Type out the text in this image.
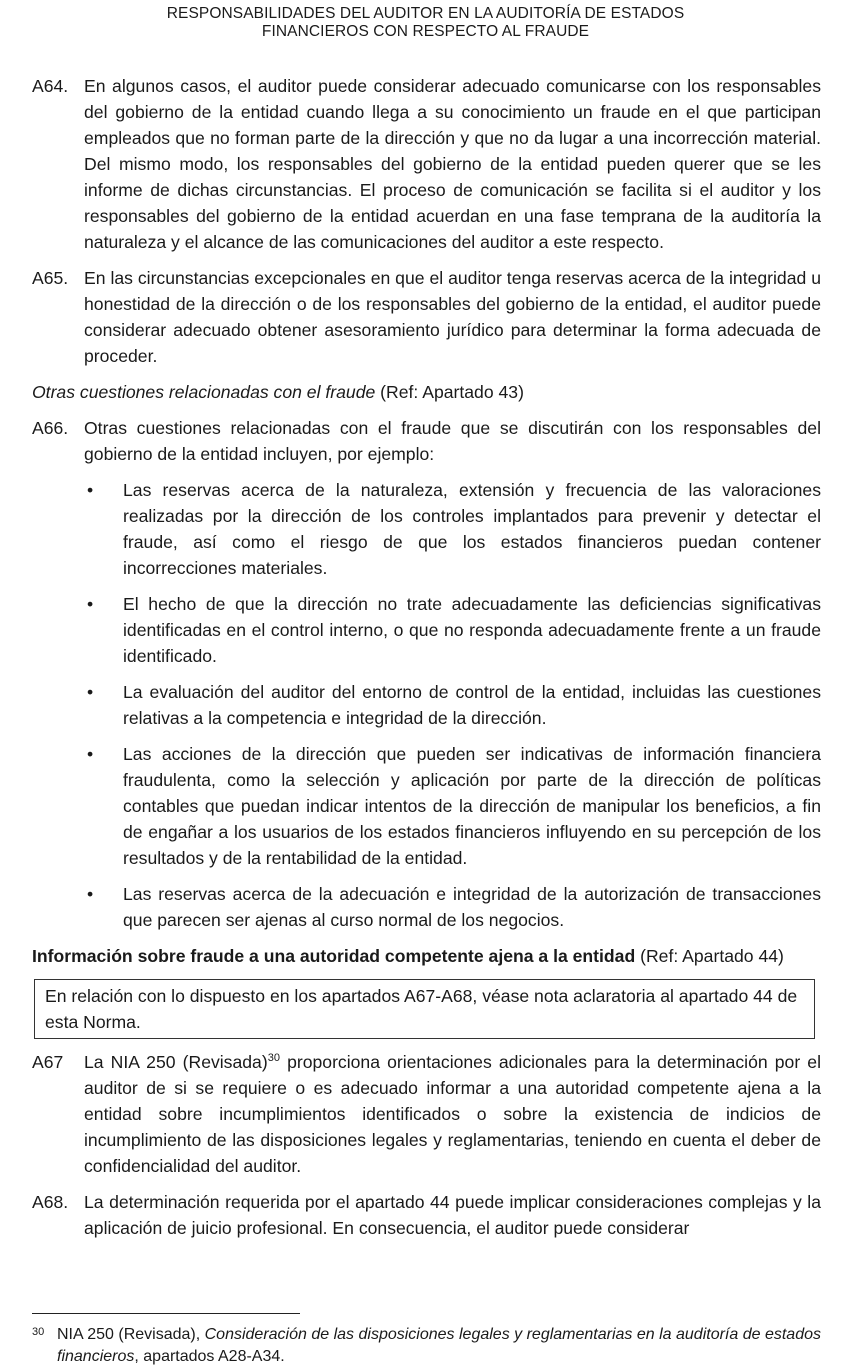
RESPONSABILIDADES DEL AUDITOR EN LA AUDITORÍA DE ESTADOS
FINANCIEROS CON RESPECTO AL FRAUDE
A64. En algunos casos, el auditor puede considerar adecuado comunicarse con los responsables del gobierno de la entidad cuando llega a su conocimiento un fraude en el que participan empleados que no forman parte de la dirección y que no da lugar a una incorrección material. Del mismo modo, los responsables del gobierno de la entidad pueden querer que se les informe de dichas circunstancias. El proceso de comunicación se facilita si el auditor y los responsables del gobierno de la entidad acuerdan en una fase temprana de la auditoría la naturaleza y el alcance de las comunicaciones del auditor a este respecto.
A65. En las circunstancias excepcionales en que el auditor tenga reservas acerca de la integridad u honestidad de la dirección o de los responsables del gobierno de la entidad, el auditor puede considerar adecuado obtener asesoramiento jurídico para determinar la forma adecuada de proceder.
Otras cuestiones relacionadas con el fraude (Ref: Apartado 43)
A66. Otras cuestiones relacionadas con el fraude que se discutirán con los responsables del gobierno de la entidad incluyen, por ejemplo:
•	Las reservas acerca de la naturaleza, extensión y frecuencia de las valoraciones realizadas por la dirección de los controles implantados para prevenir y detectar el fraude, así como el riesgo de que los estados financieros puedan contener incorrecciones materiales.
•	El hecho de que la dirección no trate adecuadamente las deficiencias significativas identificadas en el control interno, o que no responda adecuadamente frente a un fraude identificado.
•	La evaluación del auditor del entorno de control de la entidad, incluidas las cuestiones relativas a la competencia e integridad de la dirección.
•	Las acciones de la dirección que pueden ser indicativas de información financiera fraudulenta, como la selección y aplicación por parte de la dirección de políticas contables que puedan indicar intentos de la dirección de manipular los beneficios, a fin de engañar a los usuarios de los estados financieros influyendo en su percepción de los resultados y de la rentabilidad de la entidad.
•	Las reservas acerca de la adecuación e integridad de la autorización de transacciones que parecen ser ajenas al curso normal de los negocios.
Información sobre fraude a una autoridad competente ajena a la entidad (Ref: Apartado 44)
En relación con lo dispuesto en los apartados A67-A68, véase nota aclaratoria al apartado 44 de esta Norma.
A67	La NIA 250 (Revisada)$^{30}$ proporciona orientaciones adicionales para la determinación por el auditor de si se requiere o es adecuado informar a una autoridad competente ajena a la entidad sobre incumplimientos identificados o sobre la existencia de indicios de incumplimiento de las disposiciones legales y reglamentarias, teniendo en cuenta el deber de confidencialidad del auditor.
A68. La determinación requerida por el apartado 44 puede implicar consideraciones complejas y la aplicación de juicio profesional. En consecuencia, el auditor puede considerar
30 NIA 250 (Revisada), Consideración de las disposiciones legales y reglamentarias en la auditoría de estados financieros, apartados A28-A34.
